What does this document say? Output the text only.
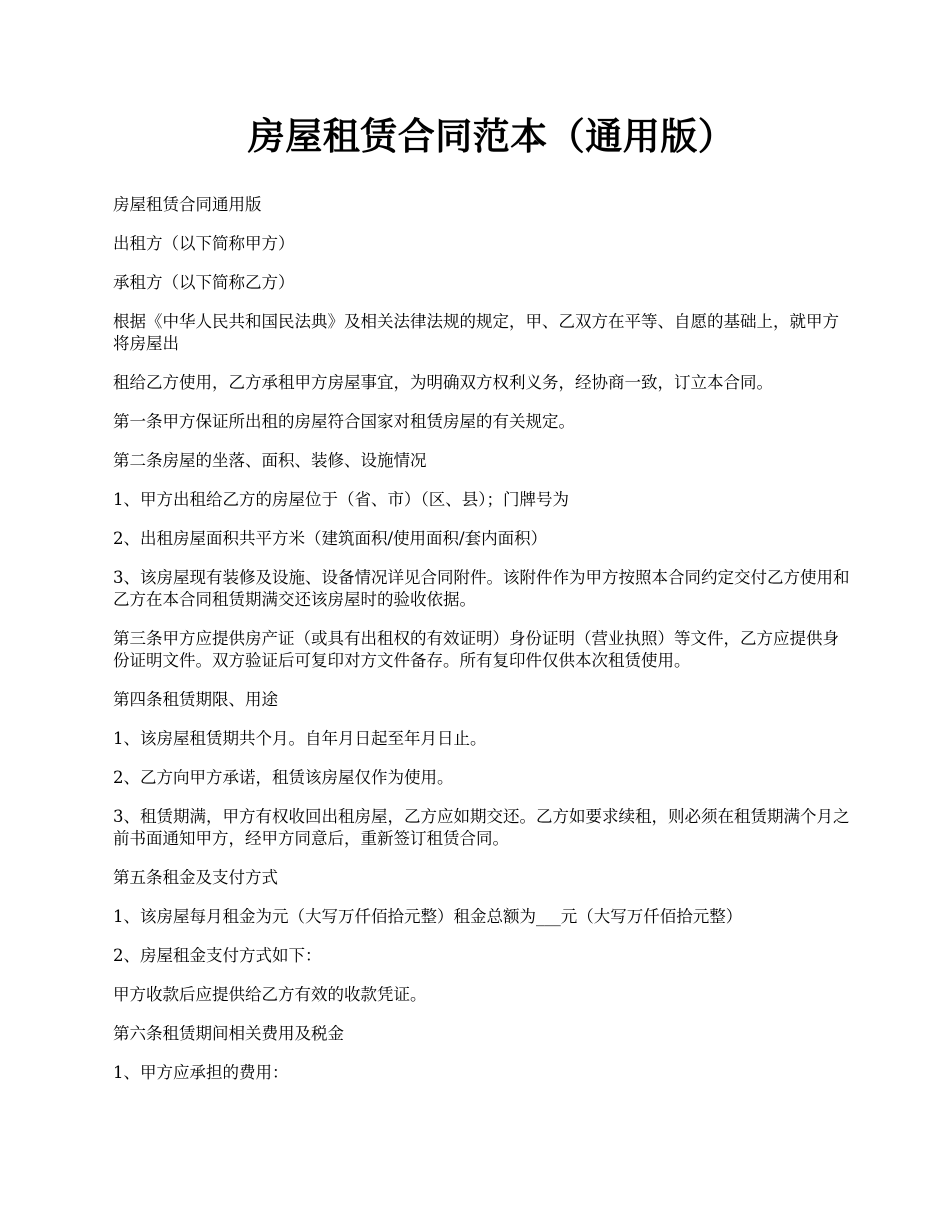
房屋租赁合同范本（通用版）

房屋租赁合同通用版

出租方（以下简称甲方）

承租方（以下简称乙方）

根据《中华人民共和国民法典》及相关法律法规的规定，甲、乙双方在平等、自愿的基础上，就甲方将房屋出

租给乙方使用，乙方承租甲方房屋事宜，为明确双方权利义务，经协商一致，订立本合同。

第一条甲方保证所出租的房屋符合国家对租赁房屋的有关规定。

第二条房屋的坐落、面积、装修、设施情况

1、甲方出租给乙方的房屋位于（省、市）（区、县）；门牌号为

2、出租房屋面积共平方米（建筑面积/使用面积/套内面积）

3、该房屋现有装修及设施、设备情况详见合同附件。该附件作为甲方按照本合同约定交付乙方使用和乙方在本合同租赁期满交还该房屋时的验收依据。

第三条甲方应提供房产证（或具有出租权的有效证明）身份证明（营业执照）等文件，乙方应提供身份证明文件。双方验证后可复印对方文件备存。所有复印件仅供本次租赁使用。

第四条租赁期限、用途

1、该房屋租赁期共个月。自年月日起至年月日止。

2、乙方向甲方承诺，租赁该房屋仅作为使用。

3、租赁期满，甲方有权收回出租房屋，乙方应如期交还。乙方如要求续租，则必须在租赁期满个月之前书面通知甲方，经甲方同意后，重新签订租赁合同。

第五条租金及支付方式

1、该房屋每月租金为元（大写万仟佰拾元整）租金总额为___元（大写万仟佰拾元整）

2、房屋租金支付方式如下：

甲方收款后应提供给乙方有效的收款凭证。

第六条租赁期间相关费用及税金

1、甲方应承担的费用：
